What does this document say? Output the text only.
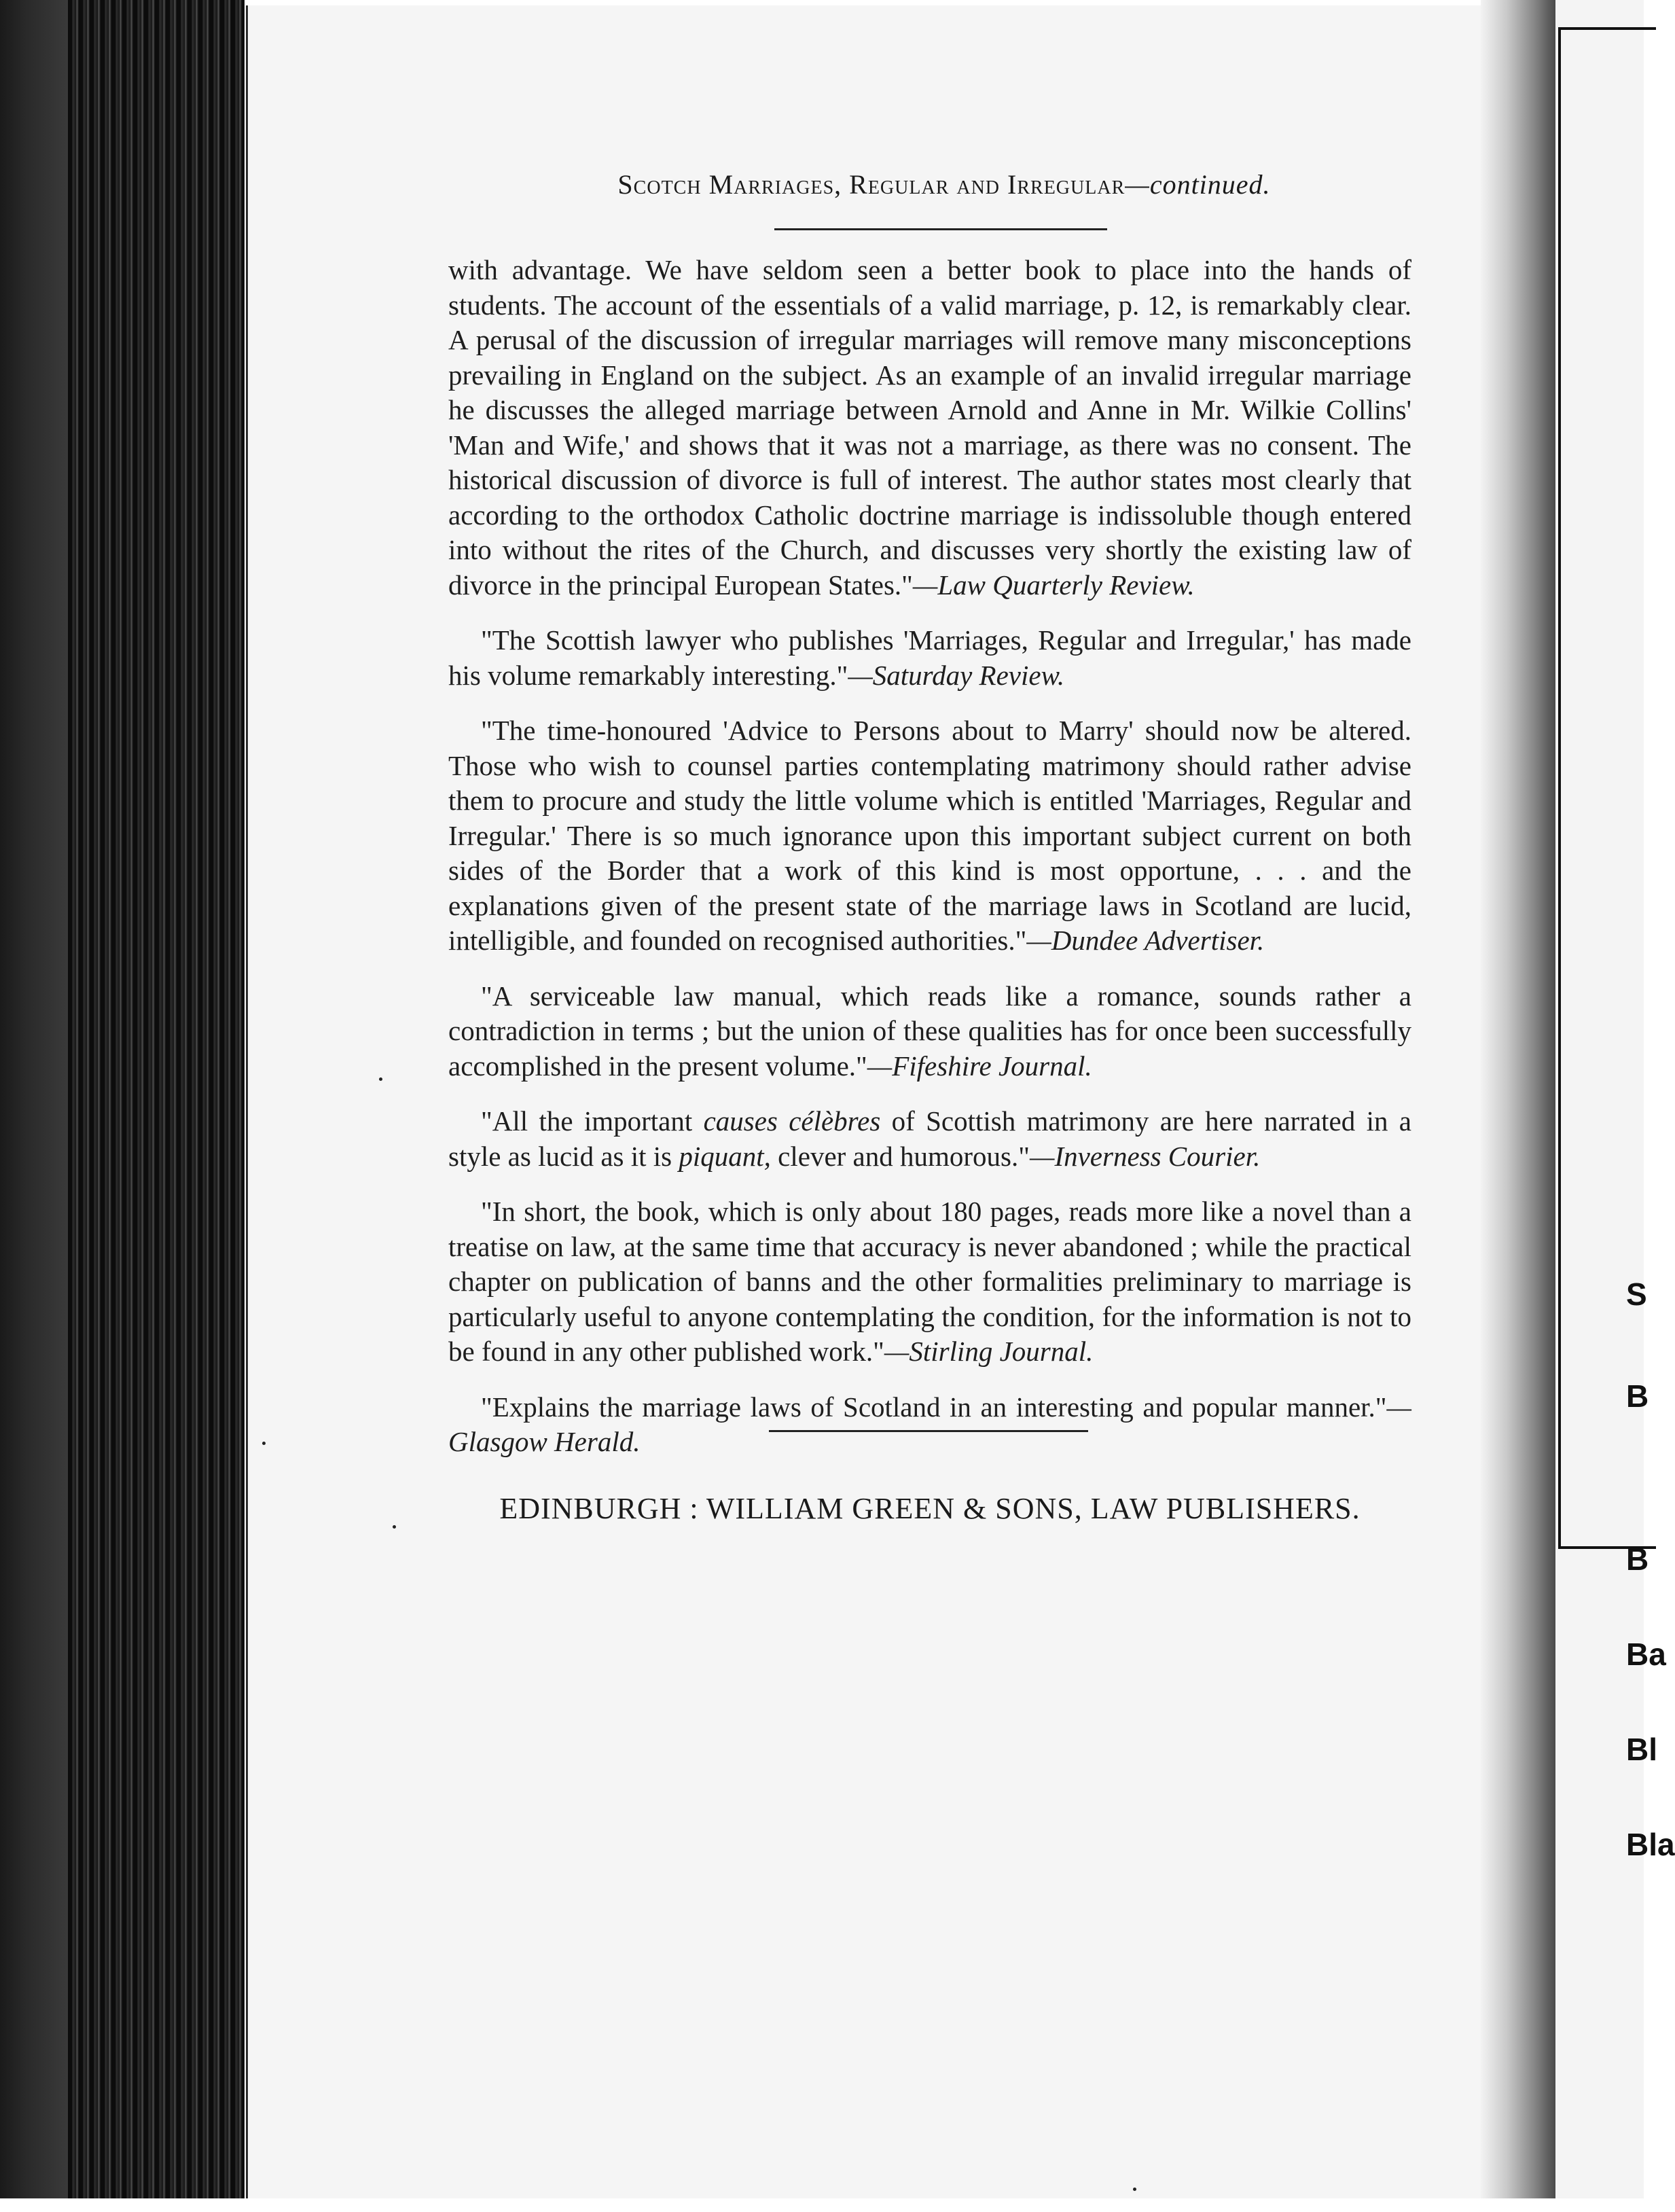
S
B
B
Ba
Bl
Bla
Scotch Marriages, Regular and Irregular—continued.

with advantage. We have seldom seen a better book to place into the hands of students. The account of the essentials of a valid marriage, p. 12, is remarkably clear. A perusal of the discussion of irregular marriages will remove many misconceptions prevailing in England on the subject. As an example of an invalid irregular marriage he discusses the alleged marriage between Arnold and Anne in Mr. Wilkie Collins' 'Man and Wife,' and shows that it was not a marriage, as there was no consent. The historical discussion of divorce is full of interest. The author states most clearly that according to the orthodox Catholic doctrine marriage is indissoluble though entered into without the rites of the Church, and discusses very shortly the existing law of divorce in the principal European States."—Law Quarterly Review.

"The Scottish lawyer who publishes 'Marriages, Regular and Irregular,' has made his volume remarkably interesting."—Saturday Review.

"The time-honoured 'Advice to Persons about to Marry' should now be altered. Those who wish to counsel parties contemplating matrimony should rather advise them to procure and study the little volume which is entitled 'Marriages, Regular and Irregular.' There is so much ignorance upon this important subject current on both sides of the Border that a work of this kind is most opportune, . . . and the explanations given of the present state of the marriage laws in Scotland are lucid, intelligible, and founded on recognised authorities."—Dundee Advertiser.

"A serviceable law manual, which reads like a romance, sounds rather a contradiction in terms ; but the union of these qualities has for once been successfully accomplished in the present volume."—Fifeshire Journal.

"All the important causes célèbres of Scottish matrimony are here narrated in a style as lucid as it is piquant, clever and humorous."—Inverness Courier.

"In short, the book, which is only about 180 pages, reads more like a novel than a treatise on law, at the same time that accuracy is never abandoned ; while the practical chapter on publication of banns and the other formalities preliminary to marriage is particularly useful to anyone contemplating the condition, for the information is not to be found in any other published work."—Stirling Journal.

"Explains the marriage laws of Scotland in an interesting and popular manner."—Glasgow Herald.

EDINBURGH : WILLIAM GREEN & SONS, LAW PUBLISHERS.
